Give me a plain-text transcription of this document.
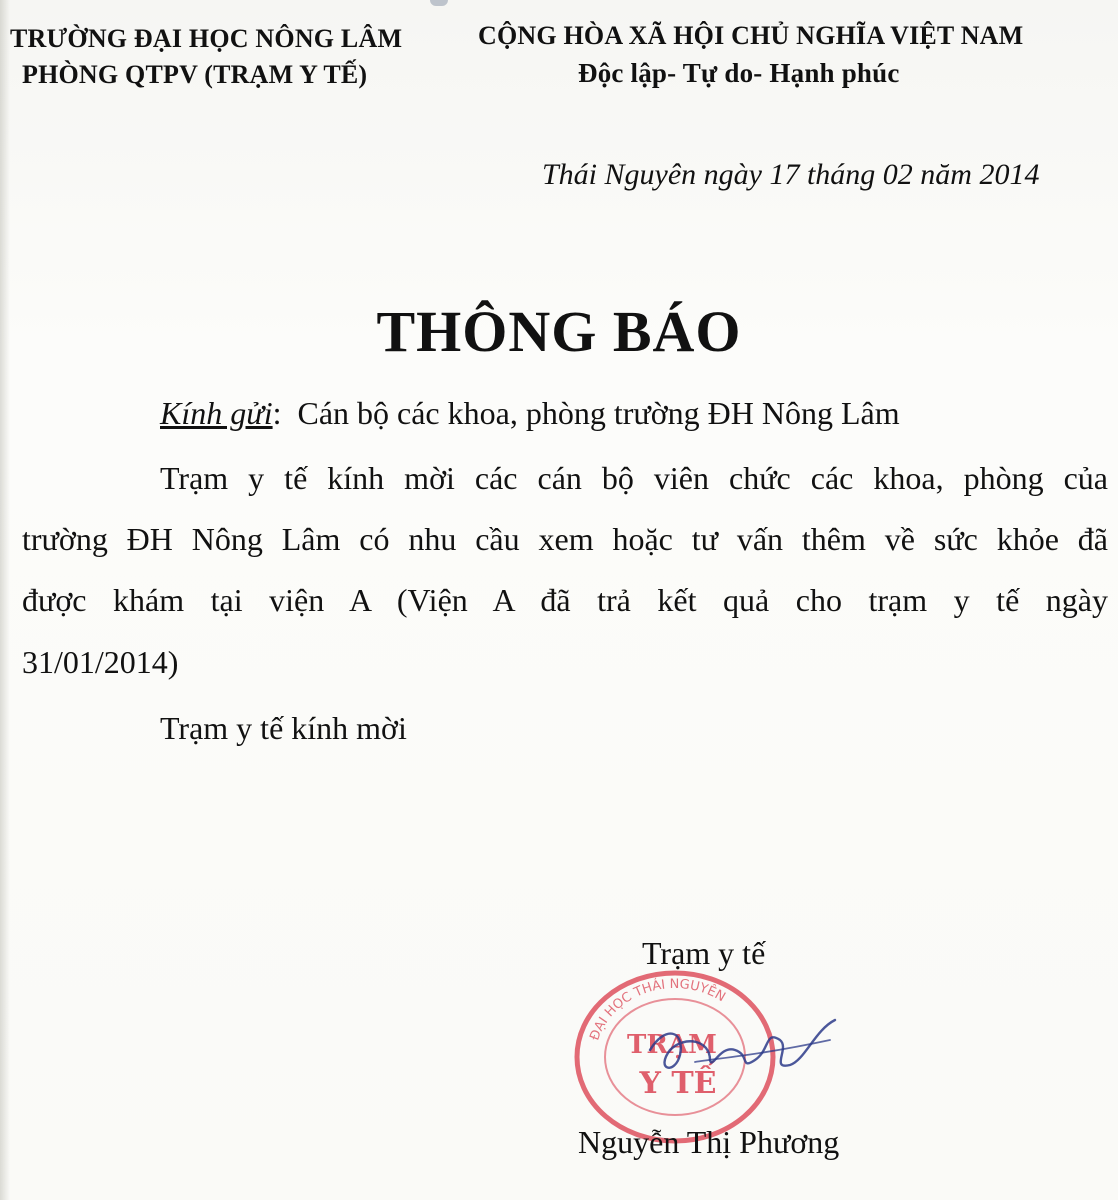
TRƯỜNG ĐẠI HỌC NÔNG LÂM
PHÒNG QTPV (TRẠM Y TẾ)
CỘNG HÒA XÃ HỘI CHỦ NGHĨA VIỆT NAM
Độc lập- Tự do- Hạnh phúc
Thái Nguyên ngày 17 tháng 02 năm 2014
THÔNG BÁO
Kính gửi:  Cán bộ các khoa, phòng trường ĐH Nông Lâm
Trạm y tế kính mời các cán bộ viên chức các khoa, phòng của
trường ĐH Nông Lâm có nhu cầu xem hoặc tư vấn thêm về sức khỏe đã
được khám tại viện A (Viện A đã trả kết quả cho trạm y tế ngày
31/01/2014)
Trạm y tế kính mời
Trạm y tế
ĐẠI HỌC THÁI NGUYÊN
TRẠM
Y TẾ
Nguyễn Thị Phương
